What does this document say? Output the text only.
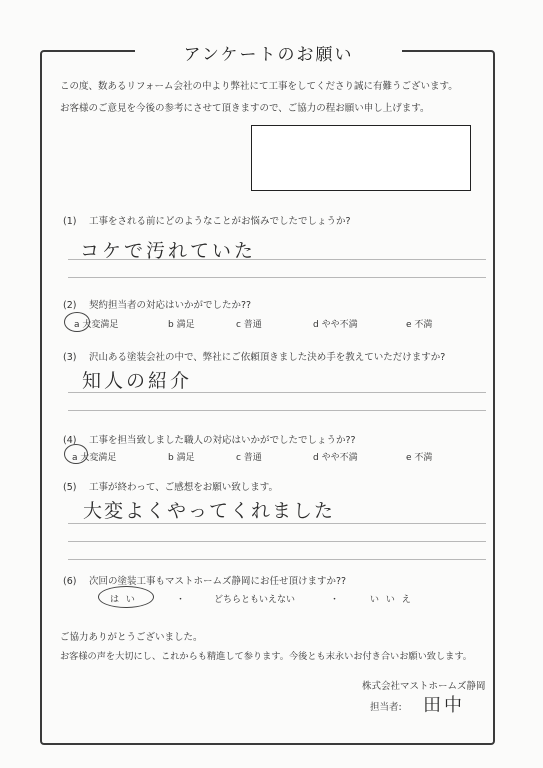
アンケートのお願い
この度、数あるリフォーム会社の中より弊社にて工事をしてくださり誠に有難うございます。
お客様のご意見を今後の参考にさせて頂きますので、ご協力の程お願い申し上げます。
(1) 工事をされる前にどのようなことがお悩みでしたでしょうか?
コケで汚れていた
(2) 契約担当者の対応はいかがでしたか??
a 大変満足	b 満足	c 普通	d やや不満	e 不満
(3) 沢山ある塗装会社の中で、弊社にご依頼頂きました決め手を教えていただけますか?
知人の紹介
(4) 工事を担当致しました職人の対応はいかがでしたでしょうか??
a 大変満足	b 満足	c 普通	d やや不満	e 不満
(5) 工事が終わって、ご感想をお願い致します。
大変よくやってくれました
(6) 次回の塗装工事もマストホームズ静岡にお任せ頂けますか??
は い	・	どちらともいえない	・	い い え
ご協力ありがとうございました。
お客様の声を大切にし、これからも精進して参ります。今後とも末永いお付き合いお願い致します。
株式会社マストホームズ静岡
担当者: 田中
